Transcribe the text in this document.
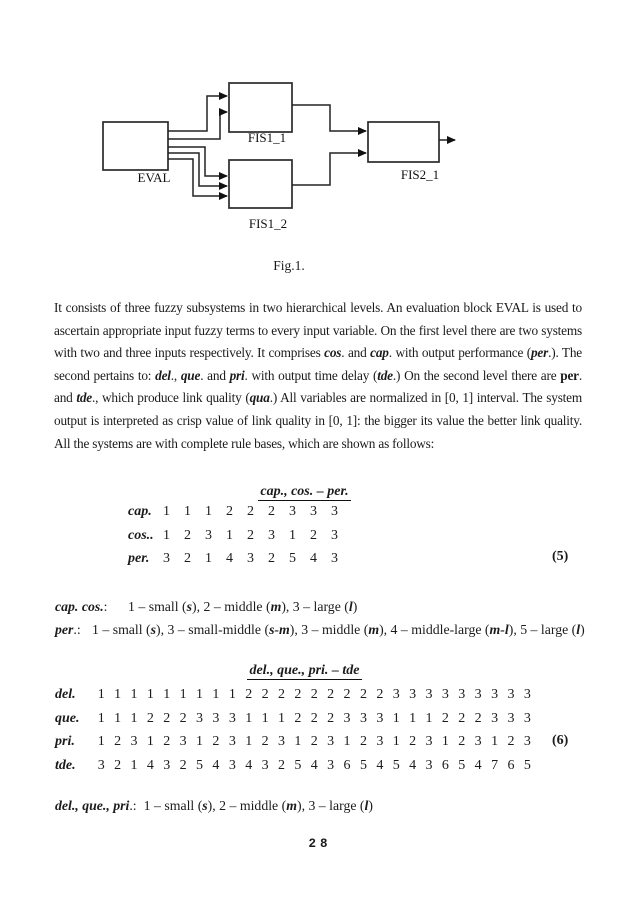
EVAL
FIS1_1
FIS1_2
FIS2_1
Fig.1.
It consists of three fuzzy subsystems in two hierarchical levels. An evaluation block EVAL is used to ascertain appropriate input fuzzy terms to every input variable. On the first level there are two systems with two and three inputs respectively. It comprises cos. and cap. with output performance (per.). The second pertains to: del., que. and pri. with output time delay (tde.) On the second level there are per. and tde., which produce link quality (qua.) All variables are normalized in [0, 1] interval. The system output is interpreted as crisp value of link quality in [0, 1]: the bigger its value the better link quality. All the systems are with complete rule bases, which are shown as follows:
cap., cos. – per.
cap. 1 1 1 2 2 2 3 3 3
cos.. 1 2 3 1 2 3 1 2 3
per. 3 2 1 4 3 2 5 4 3	(5)
cap. cos.: 1 – small (s), 2 – middle (m), 3 – large (l)
per.: 1 – small (s), 3 – small-middle (s-m), 3 – middle (m), 4 – middle-large (m-l), 5 – large (l)
del., que., pri. – tde
del.	1 1 1 1 1 1 1 1 1 2 2 2 2 2 2 2 2 2 3 3 3 3 3 3 3 3 3
que.	1 1 1 2 2 2 3 3 3 1 1 1 2 2 2 3 3 3 1 1 1 2 2 2 3 3 3
pri.	1 2 3 1 2 3 1 2 3 1 2 3 1 2 3 1 2 3 1 2 3 1 2 3 1 2 3
tde.	3 2 1 4 3 2 5 4 3 4 3 2 5 4 3 6 5 4 5 4 3 6 5 4 7 6 5
(6)
del., que., pri.: 1 – small (s), 2 – middle (m), 3 – large (l)
28
